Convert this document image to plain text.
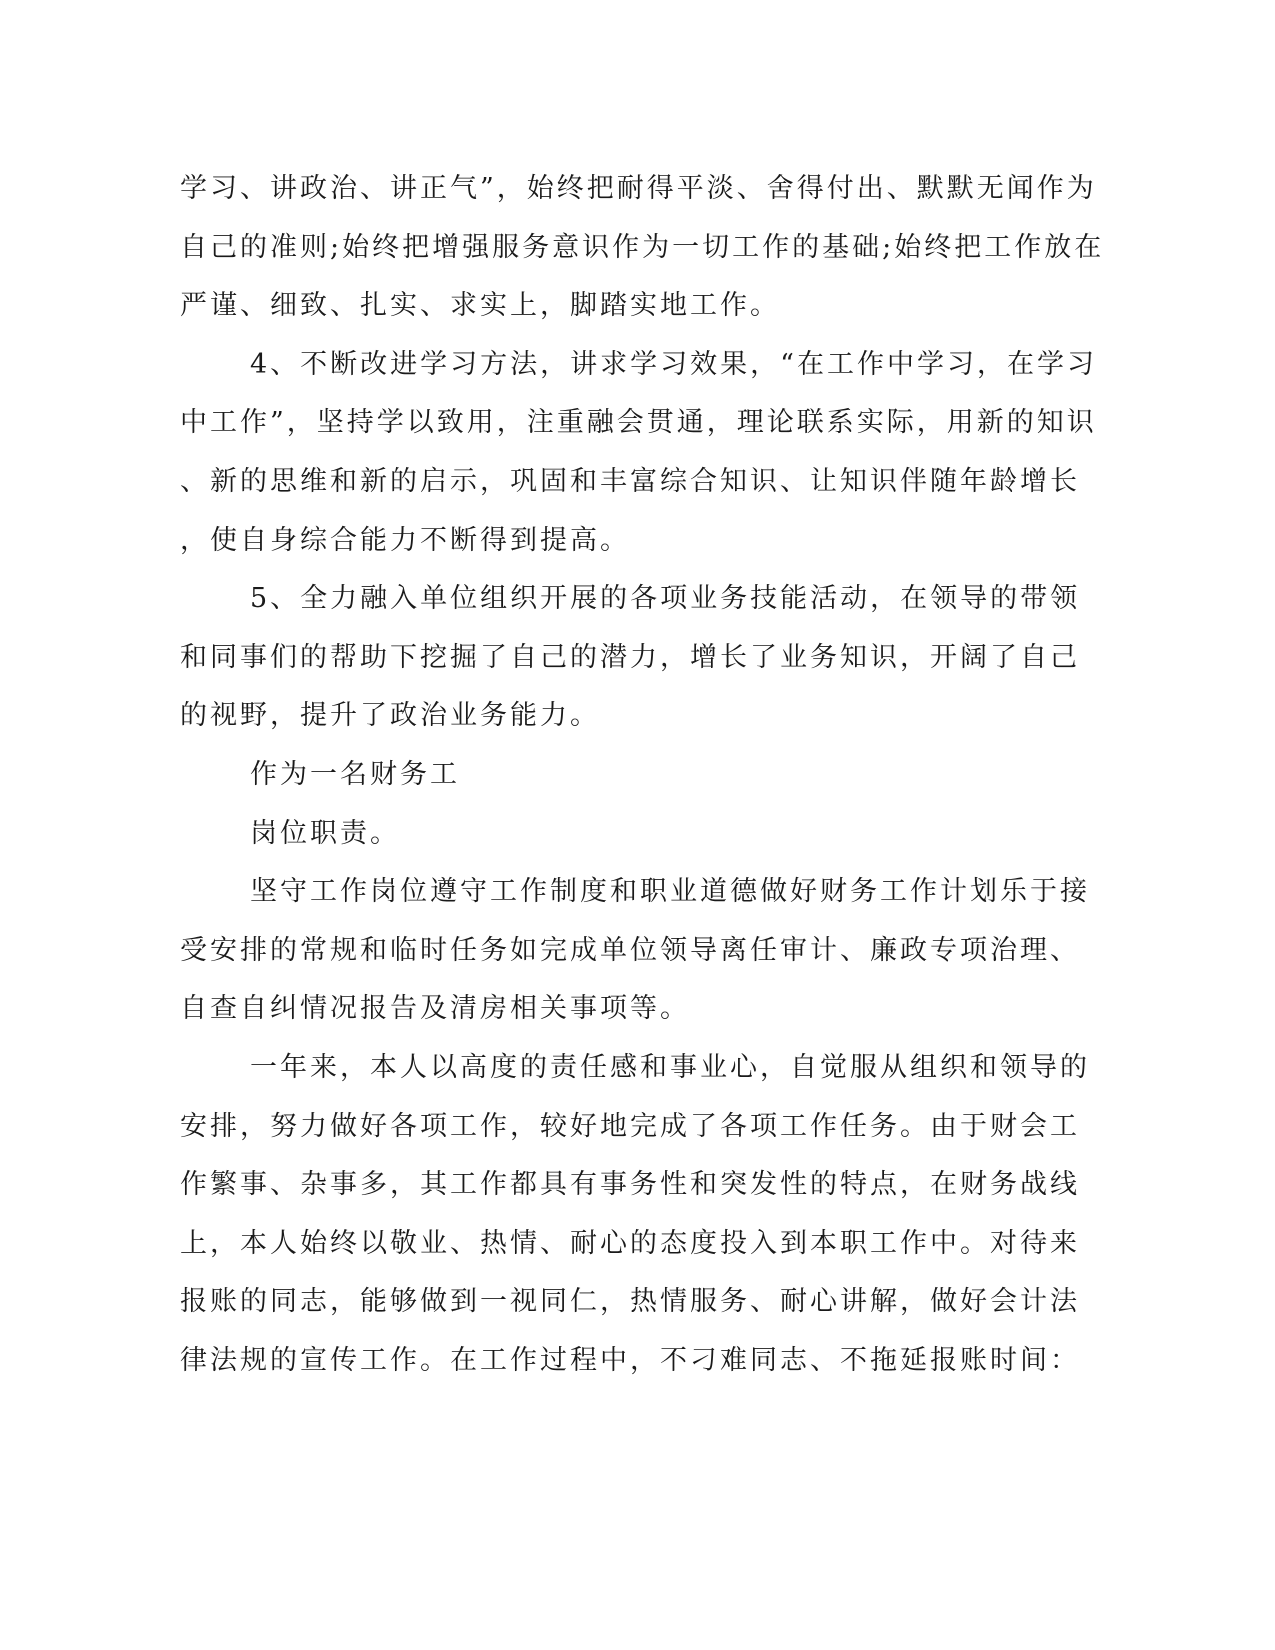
学习、讲政治、讲正气”，始终把耐得平淡、舍得付出、默默无闻作为
自己的准则;始终把增强服务意识作为一切工作的基础;始终把工作放在
严谨、细致、扎实、求实上，脚踏实地工作。
4、不断改进学习方法，讲求学习效果，“在工作中学习，在学习
中工作”，坚持学以致用，注重融会贯通，理论联系实际，用新的知识
、新的思维和新的启示，巩固和丰富综合知识、让知识伴随年龄增长
，使自身综合能力不断得到提高。
5、全力融入单位组织开展的各项业务技能活动，在领导的带领
和同事们的帮助下挖掘了自己的潜力，增长了业务知识，开阔了自己
的视野，提升了政治业务能力。
作为一名财务工
岗位职责。
坚守工作岗位遵守工作制度和职业道德做好财务工作计划乐于接
受安排的常规和临时任务如完成单位领导离任审计、廉政专项治理、
自查自纠情况报告及清房相关事项等。
一年来，本人以高度的责任感和事业心，自觉服从组织和领导的
安排，努力做好各项工作，较好地完成了各项工作任务。由于财会工
作繁事、杂事多，其工作都具有事务性和突发性的特点，在财务战线
上，本人始终以敬业、热情、耐心的态度投入到本职工作中。对待来
报账的同志，能够做到一视同仁，热情服务、耐心讲解，做好会计法
律法规的宣传工作。在工作过程中，不刁难同志、不拖延报账时间：
